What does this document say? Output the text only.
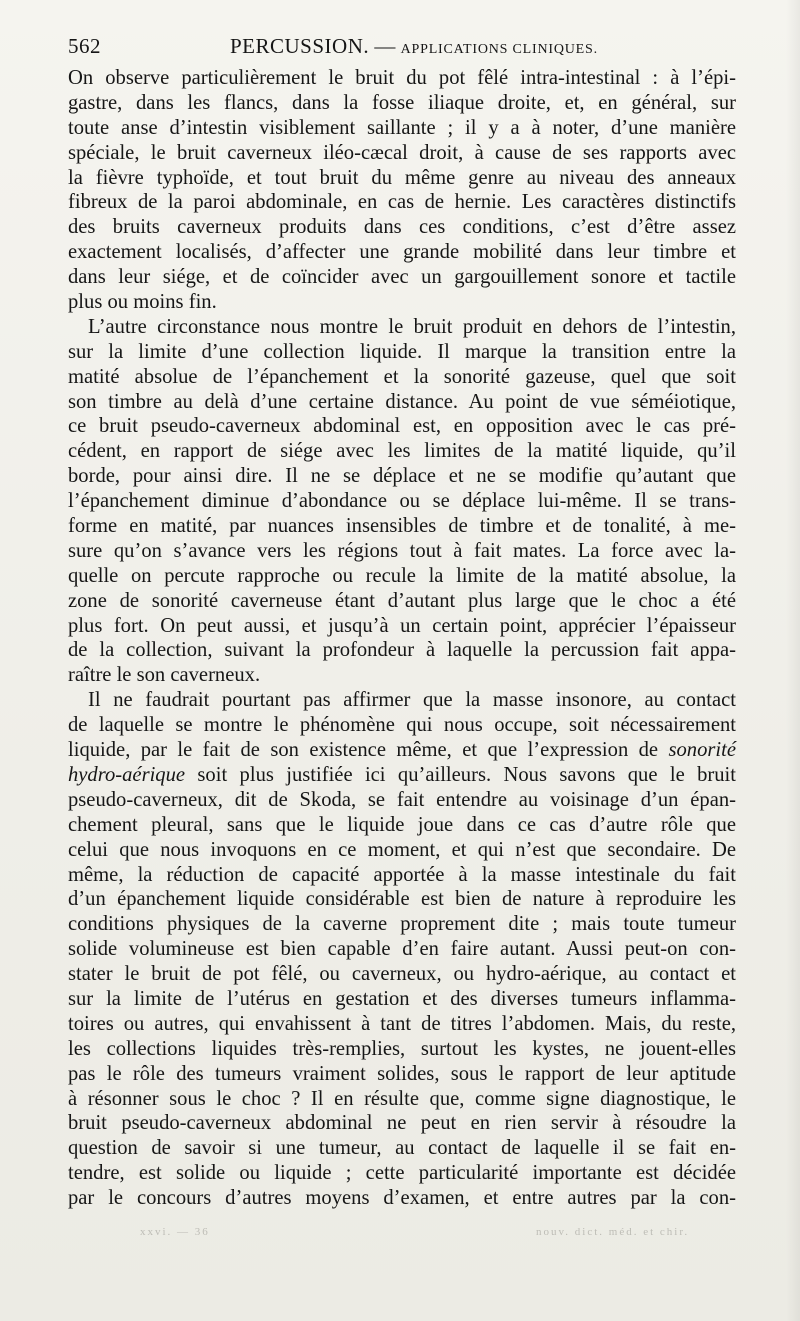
562	PERCUSSION. — APPLICATIONS CLINIQUES.
On observe particulièrement le bruit du pot fêlé intra-intestinal : à l’épi-
gastre, dans les flancs, dans la fosse iliaque droite, et, en général, sur
toute anse d’intestin visiblement saillante ; il y a à noter, d’une manière
spéciale, le bruit caverneux iléo-cæcal droit, à cause de ses rapports avec
la fièvre typhoïde, et tout bruit du même genre au niveau des anneaux
fibreux de la paroi abdominale, en cas de hernie. Les caractères distinctifs
des bruits caverneux produits dans ces conditions, c’est d’être assez
exactement localisés, d’affecter une grande mobilité dans leur timbre et
dans leur siége, et de coïncider avec un gargouillement sonore et tactile
plus ou moins fin.
L’autre circonstance nous montre le bruit produit en dehors de l’intestin,
sur la limite d’une collection liquide. Il marque la transition entre la
matité absolue de l’épanchement et la sonorité gazeuse, quel que soit
son timbre au delà d’une certaine distance. Au point de vue séméiotique,
ce bruit pseudo-caverneux abdominal est, en opposition avec le cas pré-
cédent, en rapport de siége avec les limites de la matité liquide, qu’il
borde, pour ainsi dire. Il ne se déplace et ne se modifie qu’autant que
l’épanchement diminue d’abondance ou se déplace lui-même. Il se trans-
forme en matité, par nuances insensibles de timbre et de tonalité, à me-
sure qu’on s’avance vers les régions tout à fait mates. La force avec la-
quelle on percute rapproche ou recule la limite de la matité absolue, la
zone de sonorité caverneuse étant d’autant plus large que le choc a été
plus fort. On peut aussi, et jusqu’à un certain point, apprécier l’épaisseur
de la collection, suivant la profondeur à laquelle la percussion fait appa-
raître le son caverneux.
Il ne faudrait pourtant pas affirmer que la masse insonore, au contact
de laquelle se montre le phénomène qui nous occupe, soit nécessairement
liquide, par le fait de son existence même, et que l’expression de sonorité
hydro-aérique soit plus justifiée ici qu’ailleurs. Nous savons que le bruit
pseudo-caverneux, dit de Skoda, se fait entendre au voisinage d’un épan-
chement pleural, sans que le liquide joue dans ce cas d’autre rôle que
celui que nous invoquons en ce moment, et qui n’est que secondaire. De
même, la réduction de capacité apportée à la masse intestinale du fait
d’un épanchement liquide considérable est bien de nature à reproduire les
conditions physiques de la caverne proprement dite ; mais toute tumeur
solide volumineuse est bien capable d’en faire autant. Aussi peut-on con-
stater le bruit de pot fêlé, ou caverneux, ou hydro-aérique, au contact et
sur la limite de l’utérus en gestation et des diverses tumeurs inflamma-
toires ou autres, qui envahissent à tant de titres l’abdomen. Mais, du reste,
les collections liquides très-remplies, surtout les kystes, ne jouent-elles
pas le rôle des tumeurs vraiment solides, sous le rapport de leur aptitude
à résonner sous le choc ? Il en résulte que, comme signe diagnostique, le
bruit pseudo-caverneux abdominal ne peut en rien servir à résoudre la
question de savoir si une tumeur, au contact de laquelle il se fait en-
tendre, est solide ou liquide ; cette particularité importante est décidée
par le concours d’autres moyens d’examen, et entre autres par la con-
xxvi. — 36	nouv. dict. méd. et chir.
